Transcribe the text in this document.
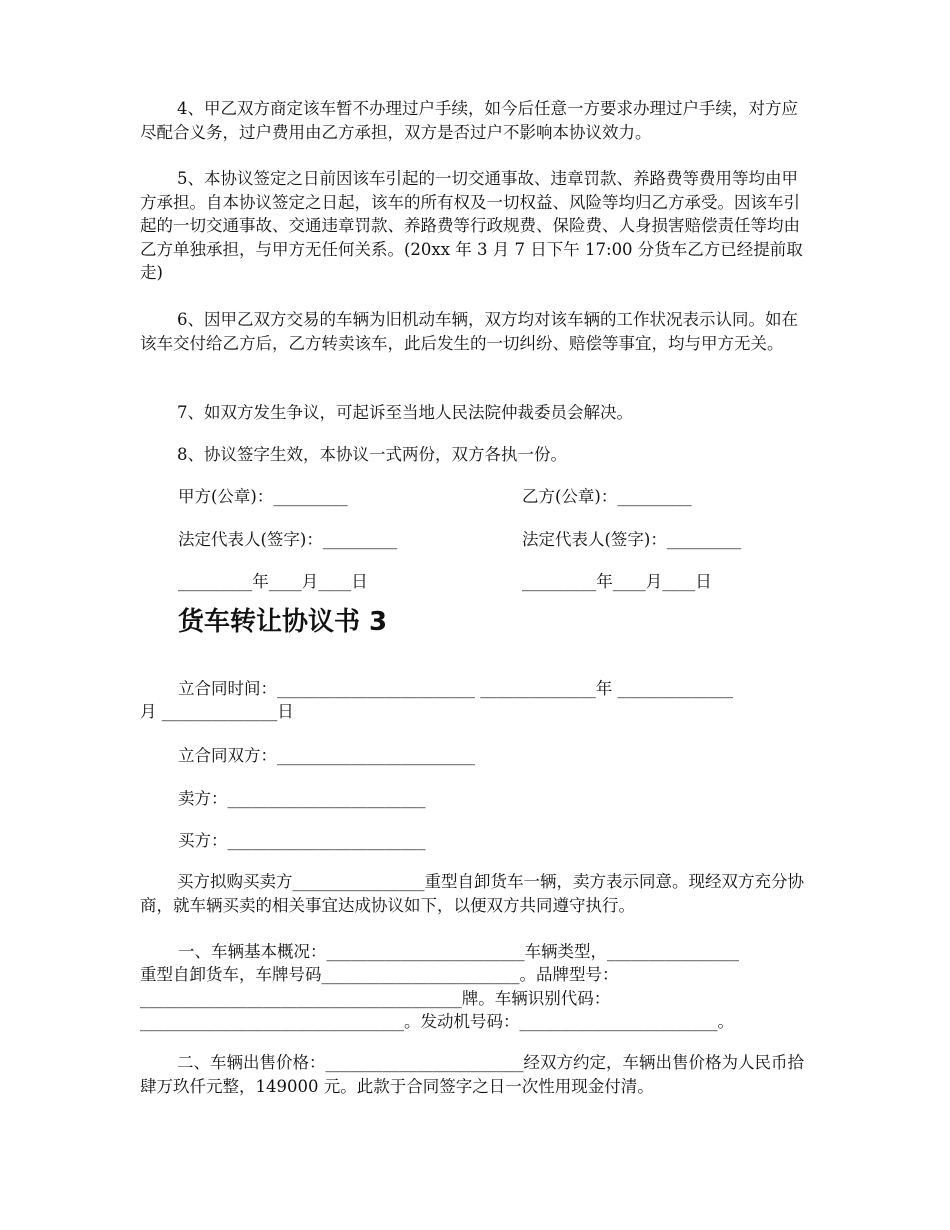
4、甲乙双方商定该车暂不办理过户手续，如今后任意一方要求办理过户手续，对方应尽配合义务，过户费用由乙方承担，双方是否过户不影响本协议效力。

5、本协议签定之日前因该车引起的一切交通事故、违章罚款、养路费等费用等均由甲方承担。自本协议签定之日起，该车的所有权及一切权益、风险等均归乙方承受。因该车引起的一切交通事故、交通违章罚款、养路费等行政规费、保险费、人身损害赔偿责任等均由乙方单独承担，与甲方无任何关系。(20xx 年 3 月 7 日下午 17:00 分货车乙方已经提前取走)

6、因甲乙双方交易的车辆为旧机动车辆，双方均对该车辆的工作状况表示认同。如在该车交付给乙方后，乙方转卖该车，此后发生的一切纠纷、赔偿等事宜，均与甲方无关。

7、如双方发生争议，可起诉至当地人民法院仲裁委员会解决。

8、协议签字生效，本协议一式两份，双方各执一份。

甲方(公章)：_________	乙方(公章)：_________
法定代表人(签字)：_________	法定代表人(签字)：_________
_________年____月____日	_________年____月____日
货车转让协议书 3
立合同时间：________________________ ______________年 ______________
月 ______________日
立合同双方：________________________
卖方：________________________
买方：________________________

买方拟购买卖方________________重型自卸货车一辆，卖方表示同意。现经双方充分协商，就车辆买卖的相关事宜达成协议如下，以便双方共同遵守执行。

一、车辆基本概况：________________________车辆类型，________________
重型自卸货车，车牌号码________________________。品牌型号：
_______________________________________牌。车辆识别代码：
________________________________。发动机号码：________________________。

二、车辆出售价格：________________________经双方约定，车辆出售价格为人民币拾肆万玖仟元整，149000 元。此款于合同签字之日一次性用现金付清。
